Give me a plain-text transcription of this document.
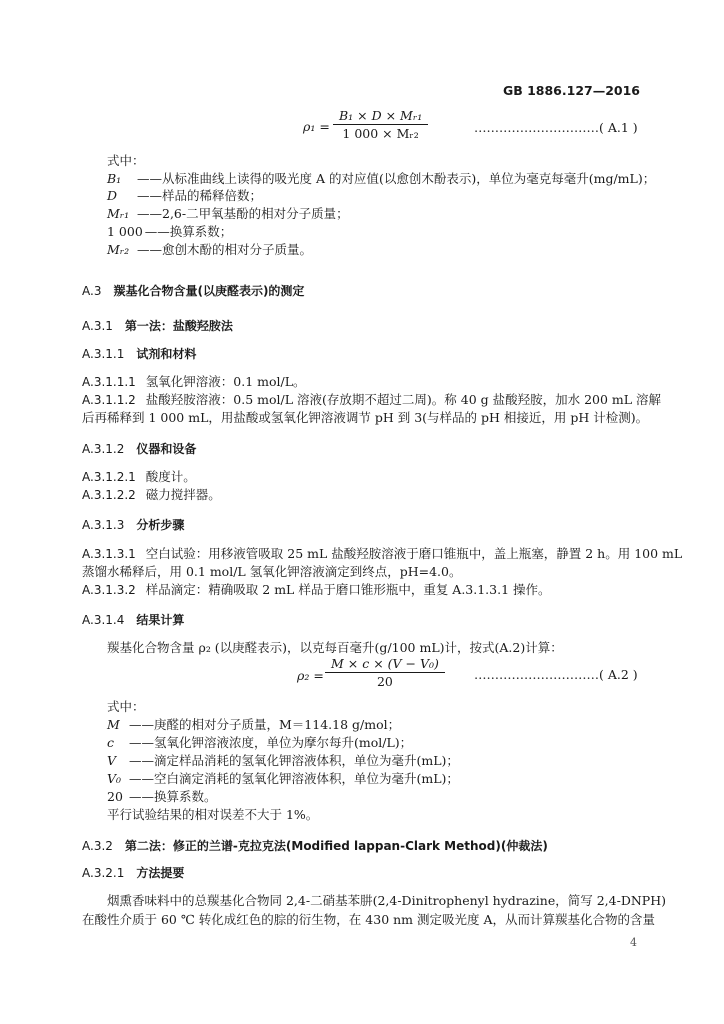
GB 1886.127—2016
ρ₁ =
B₁ × D × Mᵣ₁
1 000 × Mᵣ₂	…………………………( A.1 )
式中：
B₁ ——从标准曲线上读得的吸光度 A 的对应值(以愈创木酚表示)，单位为毫克每毫升(mg/mL)；
D ——样品的稀释倍数；
Mᵣ₁ ——2,6-二甲氧基酚的相对分子质量；
1 000 ——换算系数；
Mᵣ₂ ——愈创木酚的相对分子质量。
A.3 羰基化合物含量(以庚醛表示)的测定
A.3.1 第一法：盐酸羟胺法
A.3.1.1 试剂和材料
A.3.1.1.1 氢氧化钾溶液：0.1 mol/L。
A.3.1.1.2 盐酸羟胺溶液：0.5 mol/L 溶液(存放期不超过二周)。称 40 g 盐酸羟胺，加水 200 mL 溶解
后再稀释到 1 000 mL，用盐酸或氢氧化钾溶液调节 pH 到 3(与样品的 pH 相接近，用 pH 计检测)。
A.3.1.2 仪器和设备
A.3.1.2.1 酸度计。
A.3.1.2.2 磁力搅拌器。
A.3.1.3 分析步骤
A.3.1.3.1 空白试验：用移液管吸取 25 mL 盐酸羟胺溶液于磨口锥瓶中，盖上瓶塞，静置 2 h。用 100 mL
蒸馏水稀释后，用 0.1 mol/L 氢氧化钾溶液滴定到终点，pH=4.0。
A.3.1.3.2 样品滴定：精确吸取 2 mL 样品于磨口锥形瓶中，重复 A.3.1.3.1 操作。
A.3.1.4 结果计算
羰基化合物含量 ρ₂ (以庚醛表示)，以克每百毫升(g/100 mL)计，按式(A.2)计算：
ρ₂ =
M × c × (V − V₀)
20	…………………………( A.2 )
式中：
M ——庚醛的相对分子质量，M＝114.18 g/mol；
c ——氢氧化钾溶液浓度，单位为摩尔每升(mol/L)；
V ——滴定样品消耗的氢氧化钾溶液体积，单位为毫升(mL)；
V₀ ——空白滴定消耗的氢氧化钾溶液体积，单位为毫升(mL)；
20 ——换算系数。
平行试验结果的相对误差不大于 1%。
A.3.2 第二法：修正的兰谱-克拉克法(Modified lappan-Clark Method)(仲裁法)
A.3.2.1 方法提要
烟熏香味料中的总羰基化合物同 2,4-二硝基苯肼(2,4-Dinitrophenyl hydrazine，简写 2,4-DNPH)
在酸性介质于 60 ℃ 转化成红色的腙的衍生物，在 430 nm 测定吸光度 A，从而计算羰基化合物的含量
4
